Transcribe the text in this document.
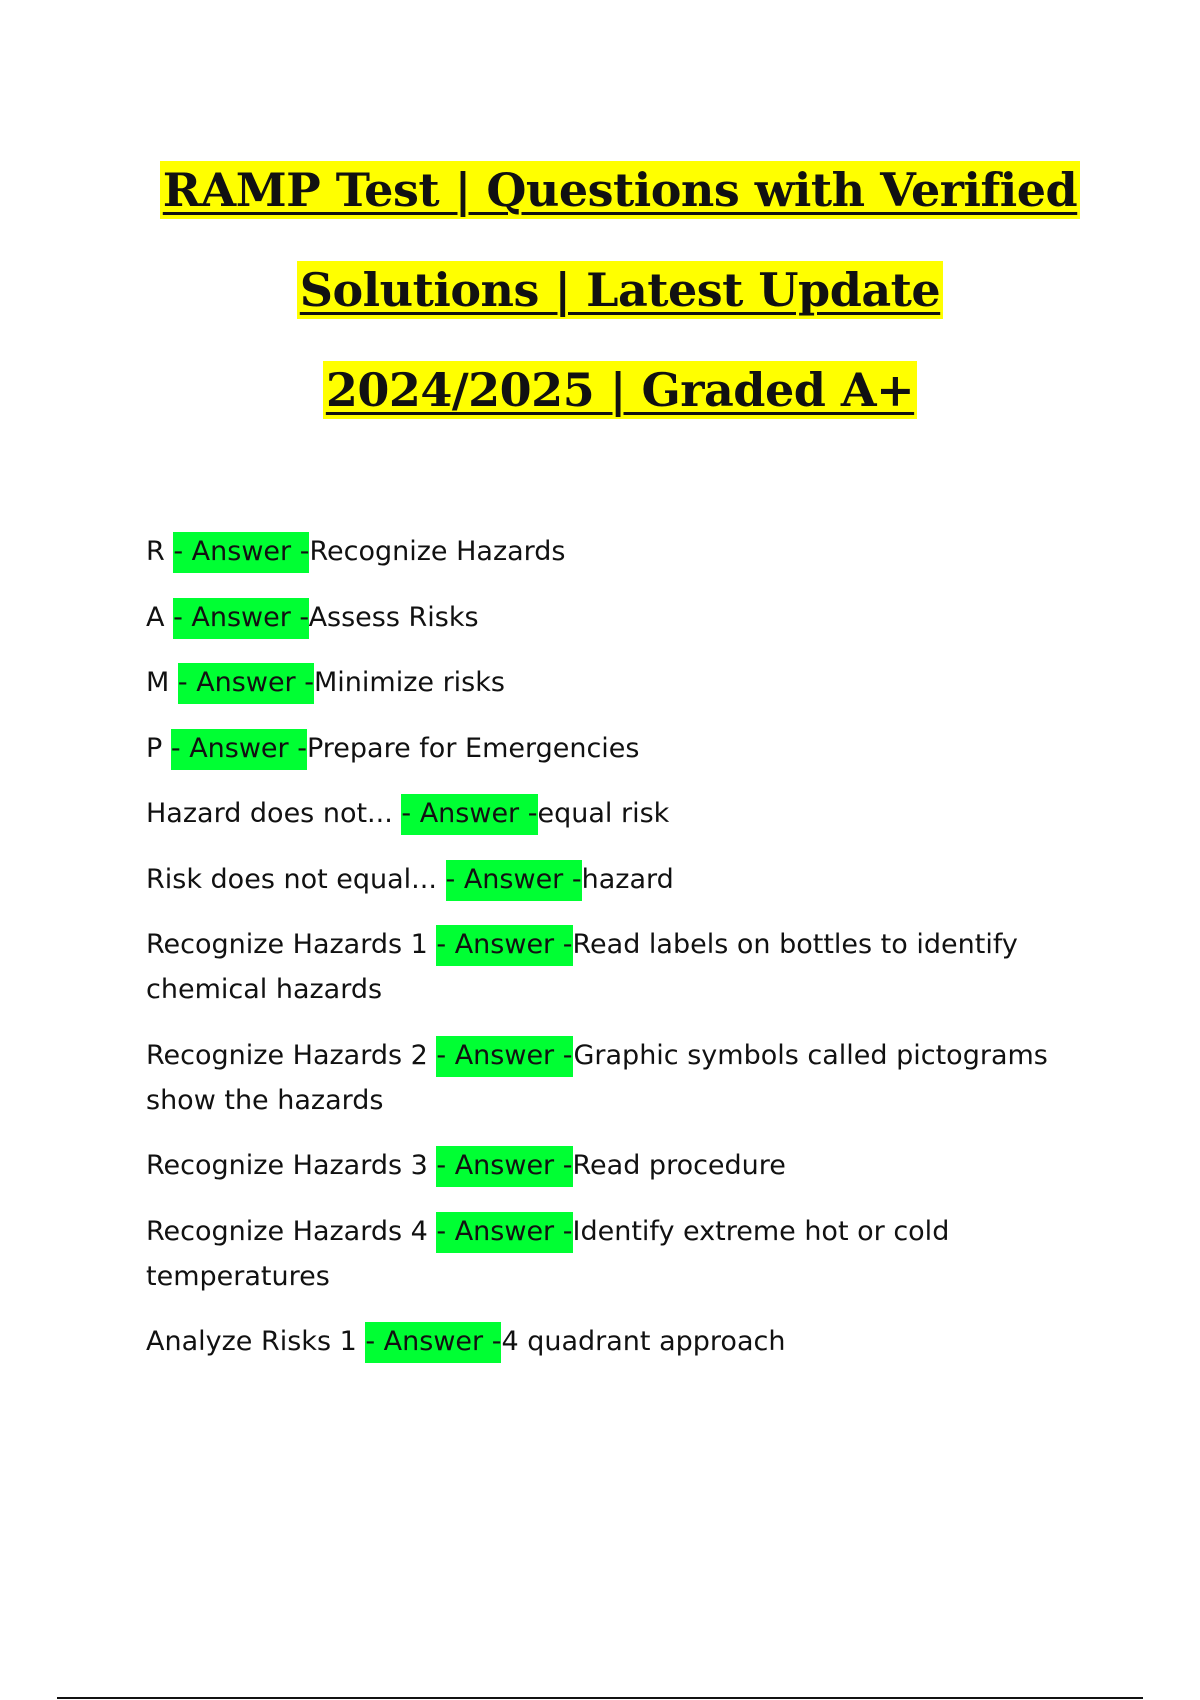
RAMP Test | Questions with Verified

Solutions | Latest Update

2024/2025 | Graded A+

R - Answer -Recognize Hazards
A - Answer -Assess Risks
M - Answer -Minimize risks
P - Answer -Prepare for Emergencies
Hazard does not... - Answer -equal risk
Risk does not equal... - Answer -hazard
Recognize Hazards 1 - Answer -Read labels on bottles to identify chemical hazards
Recognize Hazards 2 - Answer -Graphic symbols called pictograms show the hazards
Recognize Hazards 3 - Answer -Read procedure
Recognize Hazards 4 - Answer -Identify extreme hot or cold temperatures
Analyze Risks 1 - Answer -4 quadrant approach
